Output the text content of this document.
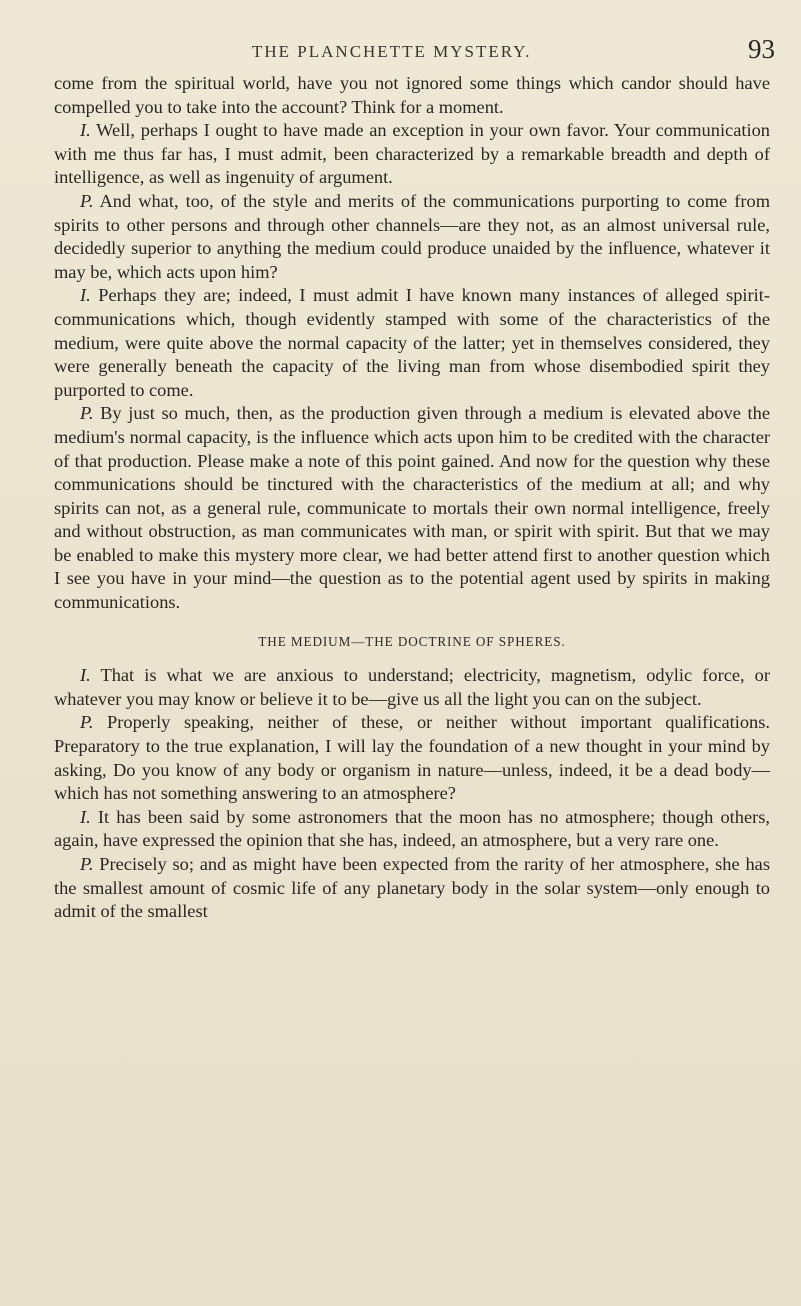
THE PLANCHETTE MYSTERY.	93

come from the spiritual world, have you not ignored some things which candor should have compelled you to take into the account? Think for a moment.

I. Well, perhaps I ought to have made an exception in your own favor. Your communication with me thus far has, I must admit, been characterized by a remarkable breadth and depth of intelligence, as well as ingenuity of argument.

P. And what, too, of the style and merits of the communications purporting to come from spirits to other persons and through other channels—are they not, as an almost universal rule, decidedly superior to anything the medium could produce unaided by the influence, whatever it may be, which acts upon him?

I. Perhaps they are; indeed, I must admit I have known many instances of alleged spirit-communications which, though evidently stamped with some of the characteristics of the medium, were quite above the normal capacity of the latter; yet in themselves considered, they were generally beneath the capacity of the living man from whose disembodied spirit they purported to come.

P. By just so much, then, as the production given through a medium is elevated above the medium's normal capacity, is the influence which acts upon him to be credited with the character of that production. Please make a note of this point gained. And now for the question why these communications should be tinctured with the characteristics of the medium at all; and why spirits can not, as a general rule, communicate to mortals their own normal intelligence, freely and without obstruction, as man communicates with man, or spirit with spirit. But that we may be enabled to make this mystery more clear, we had better attend first to another question which I see you have in your mind—the question as to the potential agent used by spirits in making communications.

THE MEDIUM—THE DOCTRINE OF SPHERES.

I. That is what we are anxious to understand; electricity, magnetism, odylic force, or whatever you may know or believe it to be—give us all the light you can on the subject.

P. Properly speaking, neither of these, or neither without important qualifications. Preparatory to the true explanation, I will lay the foundation of a new thought in your mind by asking, Do you know of any body or organism in nature—unless, indeed, it be a dead body—which has not something answering to an atmosphere?

I. It has been said by some astronomers that the moon has no atmosphere; though others, again, have expressed the opinion that she has, indeed, an atmosphere, but a very rare one.

P. Precisely so; and as might have been expected from the rarity of her atmosphere, she has the smallest amount of cosmic life of any planetary body in the solar system—only enough to admit of the smallest
